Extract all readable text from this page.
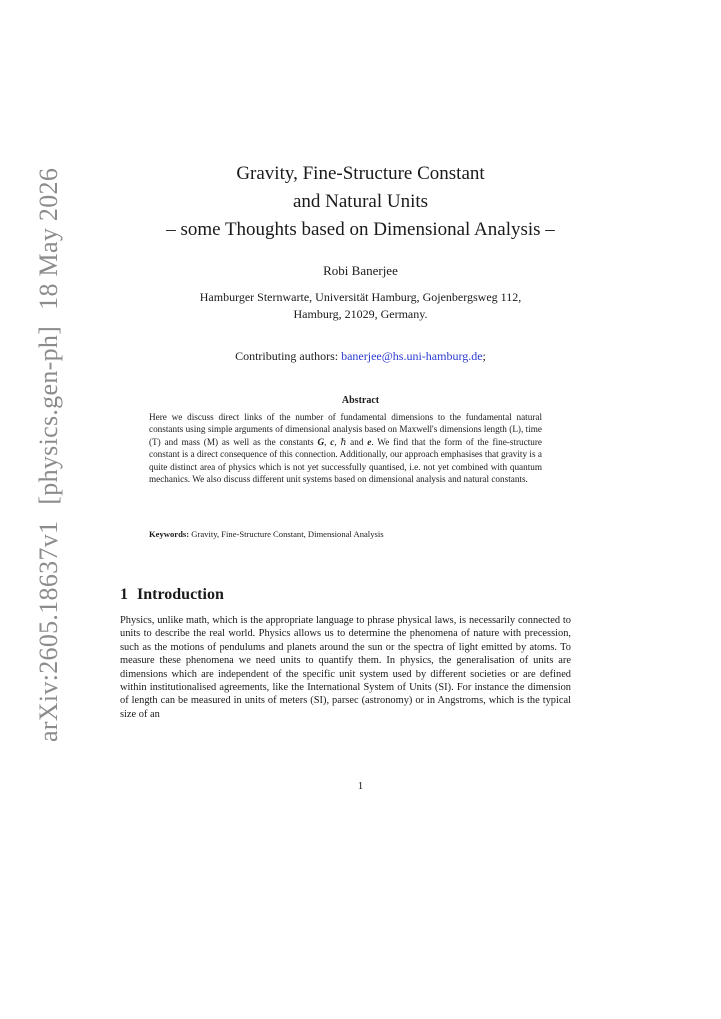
arXiv:2605.18637v1[physics.gen-ph]18 May 2026	Gravity, Fine-Structure Constant
and Natural Units
– some Thoughts based on Dimensional Analysis –
Robi Banerjee
Hamburger Sternwarte, Universität Hamburg, Gojenbergsweg 112,
Hamburg, 21029, Germany.
Contributing authors: banerjee@hs.uni-hamburg.de;
Abstract
Here we discuss direct links of the number of fundamental dimensions to the fundamental natural constants using simple arguments of dimensional analysis based on Maxwell's dimensions length (L), time (T) and mass (M) as well as the constants G, c, ℏ and e. We find that the form of the fine-structure constant is a direct consequence of this connection. Additionally, our approach emphasises that gravity is a quite distinct area of physics which is not yet successfully quantised, i.e. not yet combined with quantum mechanics. We also discuss different unit systems based on dimensional analysis and natural constants.
Keywords: Gravity, Fine-Structure Constant, Dimensional Analysis
1 Introduction
Physics, unlike math, which is the appropriate language to phrase physical laws, is necessarily connected to units to describe the real world. Physics allows us to determine the phenomena of nature with precession, such as the motions of pendulums and planets around the sun or the spectra of light emitted by atoms. To measure these phenomena we need units to quantify them. In physics, the generalisation of units are dimensions which are independent of the specific unit system used by different societies or are defined within institutionalised agreements, like the International System of Units (SI). For instance the dimension of length can be measured in units of meters (SI), parsec (astronomy) or in Angstroms, which is the typical size of an
1
